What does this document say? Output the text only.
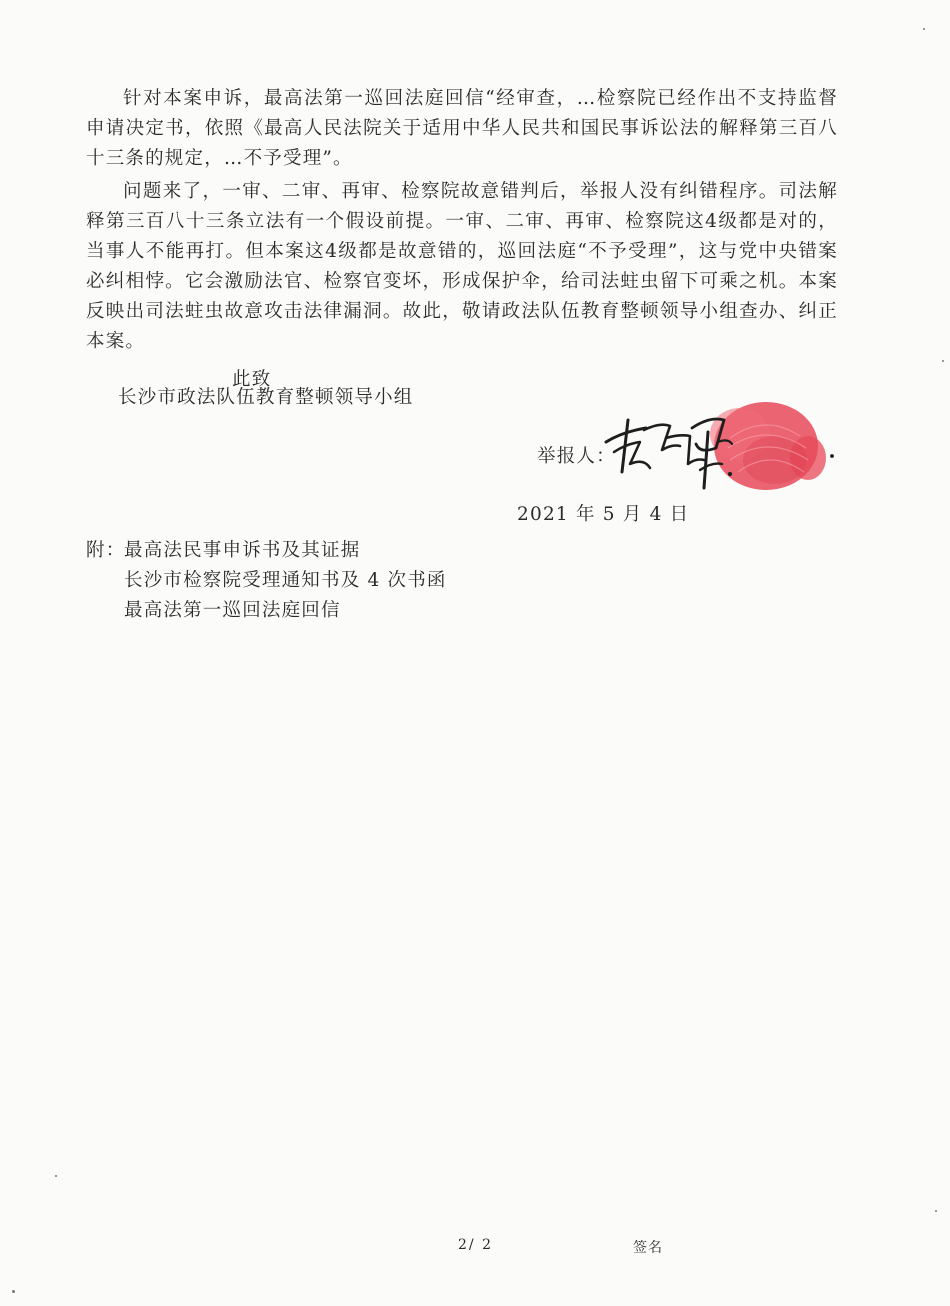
针对本案申诉，最高法第一巡回法庭回信“经审查，…检察院已经作出不支持监督申请决定书，依照《最高人民法院关于适用中华人民共和国民事诉讼法的解释第三百八十三条的规定，…不予受理”。

问题来了，一审、二审、再审、检察院故意错判后，举报人没有纠错程序。司法解释第三百八十三条立法有一个假设前提。一审、二审、再审、检察院这4级都是对的，当事人不能再打。但本案这4级都是故意错的，巡回法庭“不予受理”，这与党中央错案必纠相悖。它会激励法官、检察官变坏，形成保护伞，给司法蛀虫留下可乘之机。本案反映出司法蛀虫故意攻击法律漏洞。故此，敬请政法队伍教育整顿领导小组查办、纠正本案。

此致
长沙市政法队伍教育整顿领导小组
举报人：
2021 年 5 月 4 日
附：
最高法民事申诉书及其证据
长沙市检察院受理通知书及 4 次书函
最高法第一巡回法庭回信
2/ 2	签名
